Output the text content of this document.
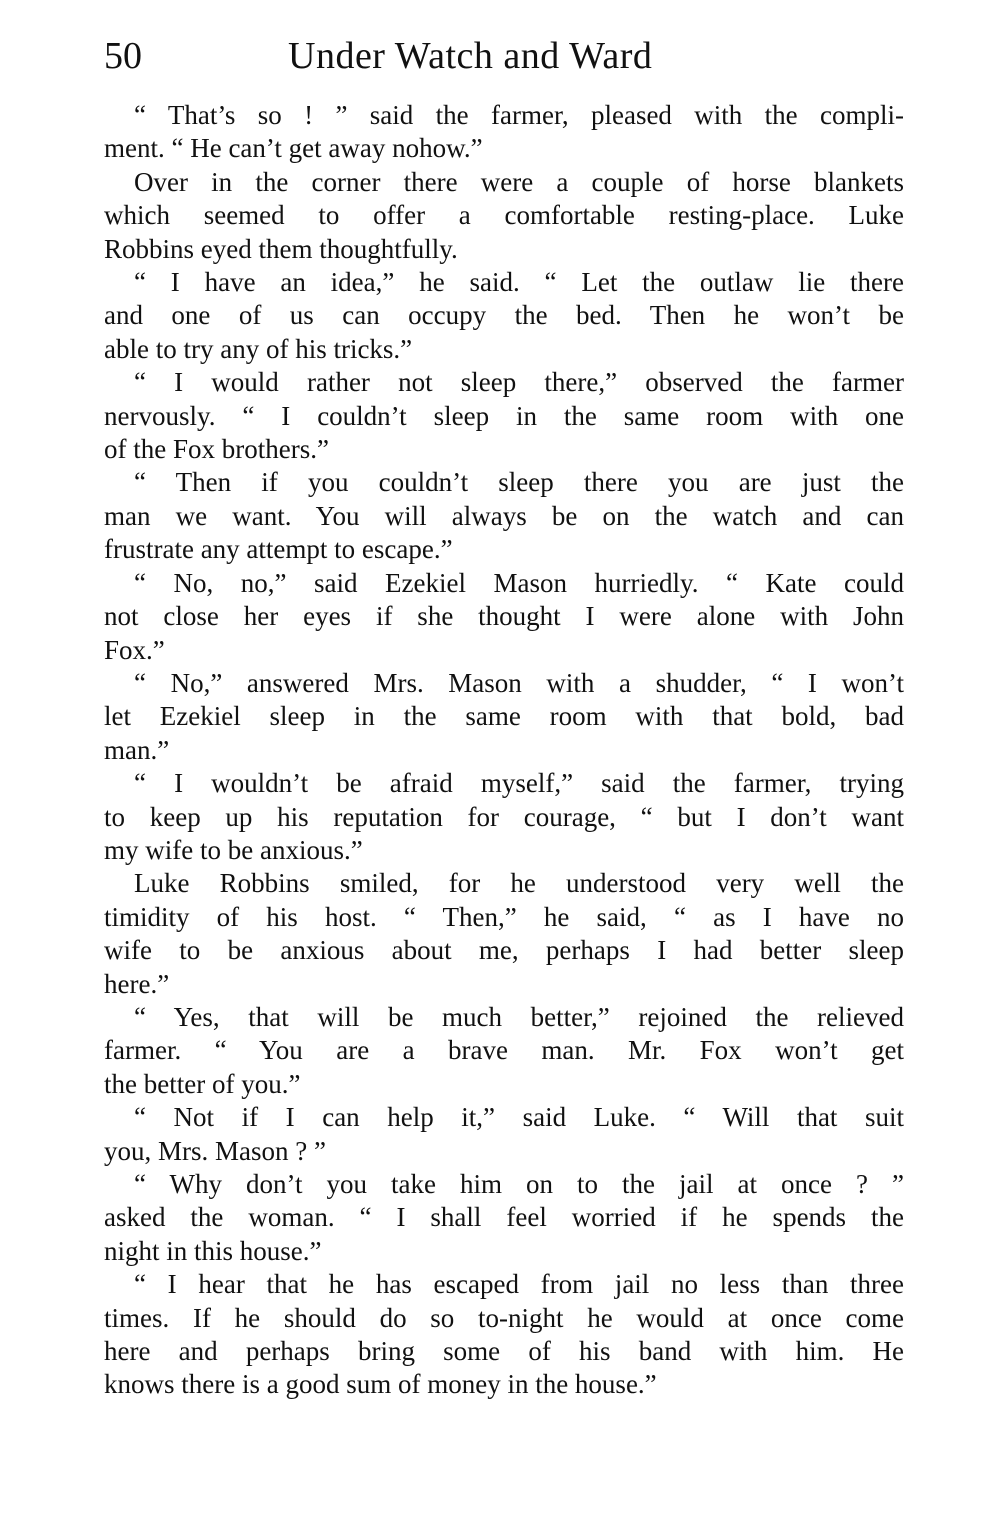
50	Under Watch and Ward
“ That’s so ! ” said the farmer, pleased with the compli-
ment. “ He can’t get away nohow.”
Over in the corner there were a couple of horse blankets
which seemed to offer a comfortable resting-place. Luke
Robbins eyed them thoughtfully.
“ I have an idea,” he said. “ Let the outlaw lie there
and one of us can occupy the bed. Then he won’t be
able to try any of his tricks.”
“ I would rather not sleep there,” observed the farmer
nervously. “ I couldn’t sleep in the same room with one
of the Fox brothers.”
“ Then if you couldn’t sleep there you are just the
man we want. You will always be on the watch and can
frustrate any attempt to escape.”
“ No, no,” said Ezekiel Mason hurriedly. “ Kate could
not close her eyes if she thought I were alone with John
Fox.”
“ No,” answered Mrs. Mason with a shudder, “ I won’t
let Ezekiel sleep in the same room with that bold, bad
man.”
“ I wouldn’t be afraid myself,” said the farmer, trying
to keep up his reputation for courage, “ but I don’t want
my wife to be anxious.”
Luke Robbins smiled, for he understood very well the
timidity of his host. “ Then,” he said, “ as I have no
wife to be anxious about me, perhaps I had better sleep
here.”
“ Yes, that will be much better,” rejoined the relieved
farmer. “ You are a brave man. Mr. Fox won’t get
the better of you.”
“ Not if I can help it,” said Luke. “ Will that suit
you, Mrs. Mason ? ”
“ Why don’t you take him on to the jail at once ? ”
asked the woman. “ I shall feel worried if he spends the
night in this house.”
“ I hear that he has escaped from jail no less than three
times. If he should do so to-night he would at once come
here and perhaps bring some of his band with him. He
knows there is a good sum of money in the house.”
